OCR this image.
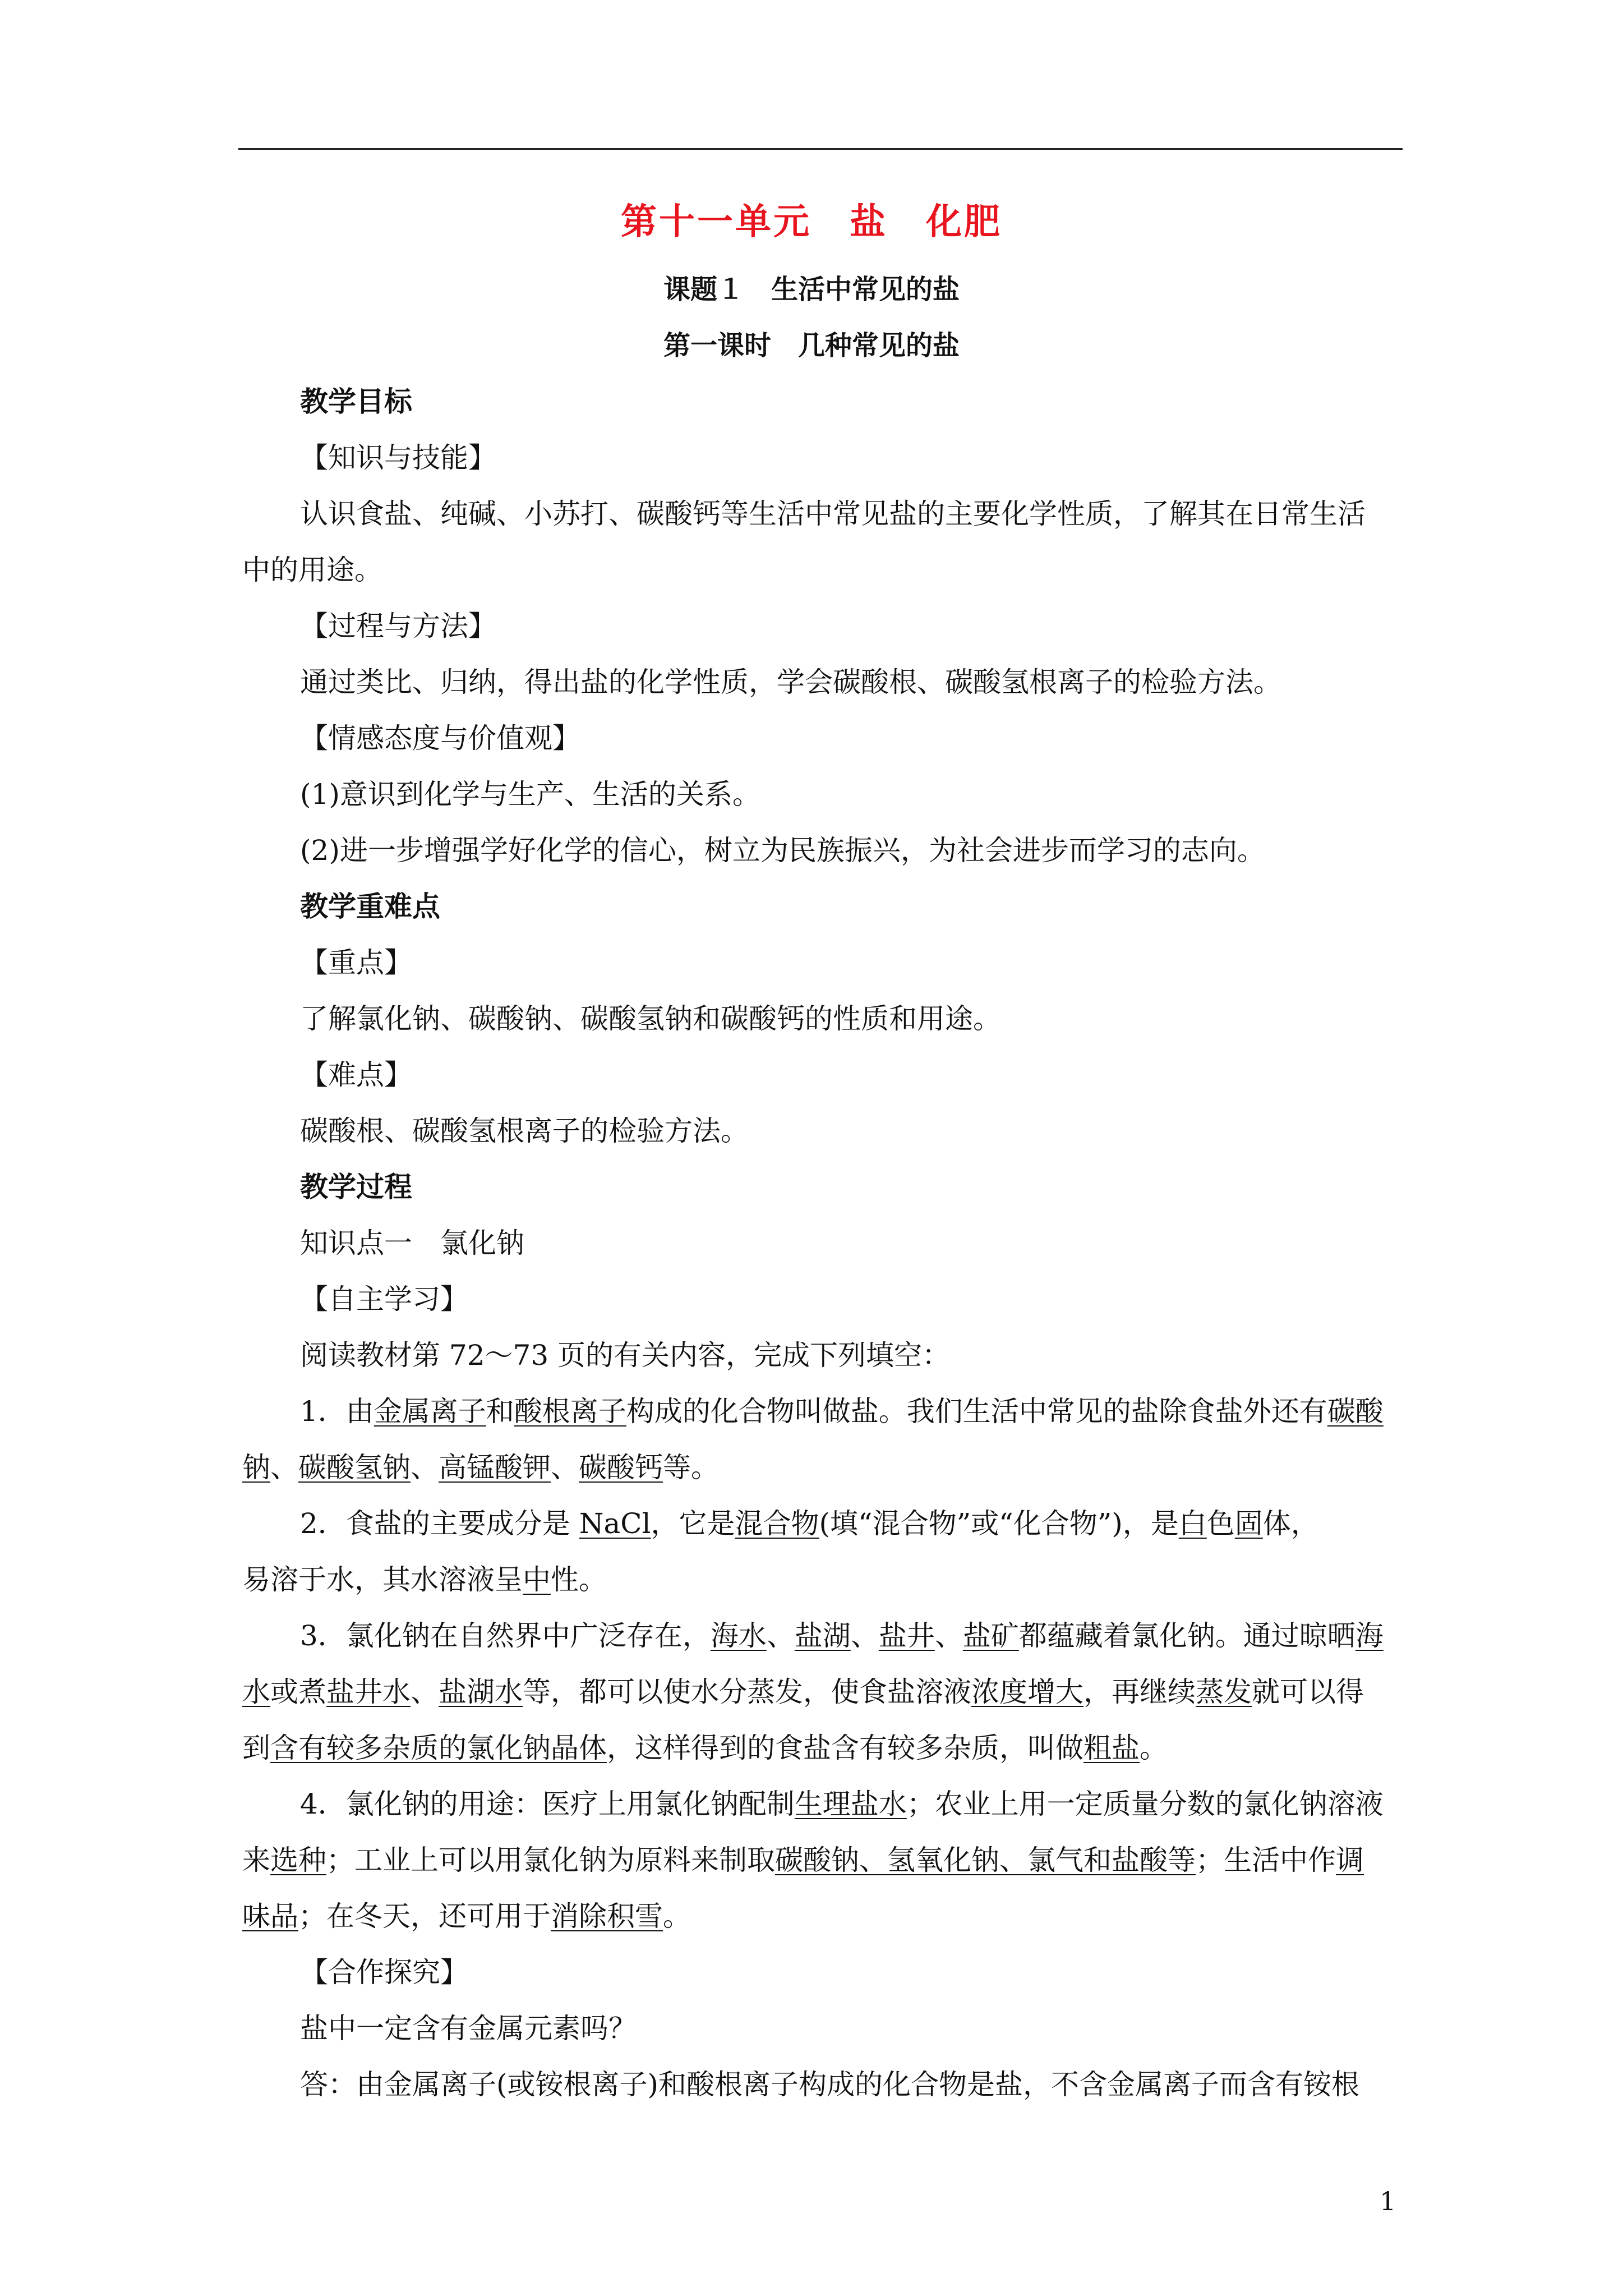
第十一单元　盐　化肥
课题１　生活中常见的盐
第一课时　几种常见的盐
教学目标
【知识与技能】
认识食盐、纯碱、小苏打、碳酸钙等生活中常见盐的主要化学性质，了解其在日常生活
中的用途。
【过程与方法】
通过类比、归纳，得出盐的化学性质，学会碳酸根、碳酸氢根离子的检验方法。
【情感态度与价值观】
(1)意识到化学与生产、生活的关系。
(2)进一步增强学好化学的信心，树立为民族振兴，为社会进步而学习的志向。
教学重难点
【重点】
了解氯化钠、碳酸钠、碳酸氢钠和碳酸钙的性质和用途。
【难点】
碳酸根、碳酸氢根离子的检验方法。
教学过程
知识点一　氯化钠
【自主学习】
阅读教材第 72～73 页的有关内容，完成下列填空：
1．由金属离子和酸根离子构成的化合物叫做盐。我们生活中常见的盐除食盐外还有碳酸
钠、碳酸氢钠、高锰酸钾、碳酸钙等。
2．食盐的主要成分是 NaCl，它是混合物(填“混合物”或“化合物”)，是白色固体，
易溶于水，其水溶液呈中性。
3．氯化钠在自然界中广泛存在，海水、盐湖、盐井、盐矿都蕴藏着氯化钠。通过晾晒海
水或煮盐井水、盐湖水等，都可以使水分蒸发，使食盐溶液浓度增大，再继续蒸发就可以得
到含有较多杂质的氯化钠晶体，这样得到的食盐含有较多杂质，叫做粗盐。
4．氯化钠的用途：医疗上用氯化钠配制生理盐水；农业上用一定质量分数的氯化钠溶液
来选种；工业上可以用氯化钠为原料来制取碳酸钠、氢氧化钠、氯气和盐酸等；生活中作调
味品；在冬天，还可用于消除积雪。
【合作探究】
盐中一定含有金属元素吗？
答：由金属离子(或铵根离子)和酸根离子构成的化合物是盐，不含金属离子而含有铵根
1
